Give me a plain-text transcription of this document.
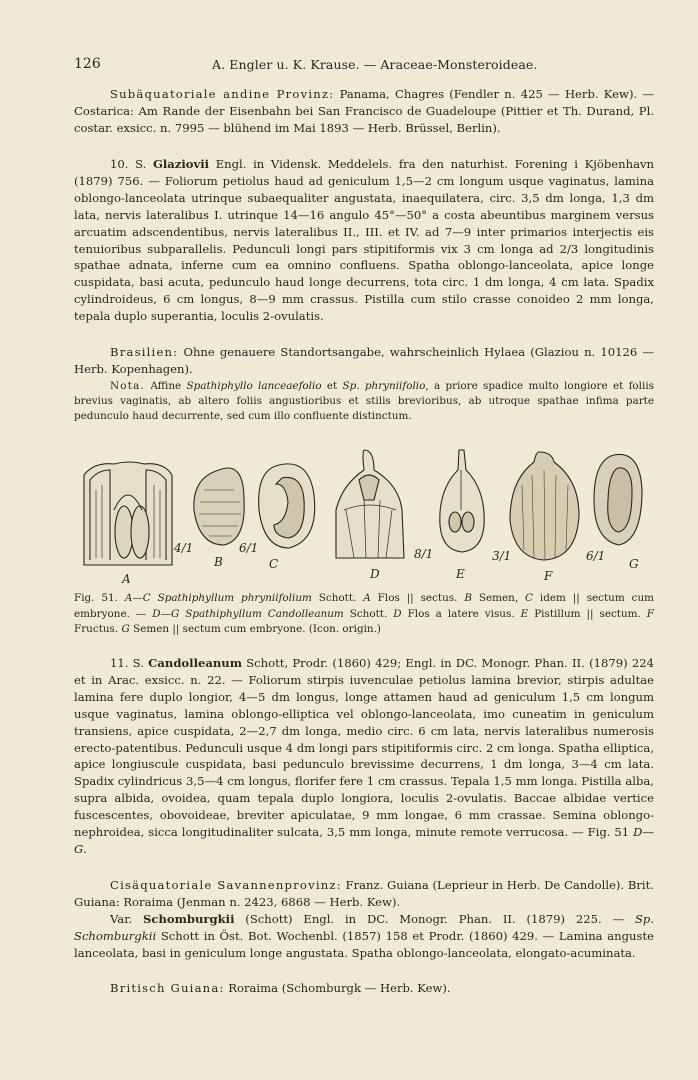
126	A. Engler u. K. Krause. — Araceae-Monsteroideae.

Subäquatoriale andine Provinz: Panama, Chagres (Fendler n. 425 — Herb. Kew). — Costarica: Am Rande der Eisenbahn bei San Francisco de Guadeloupe (Pittier et Th. Durand, Pl. costar. exsicc. n. 7995 — blühend im Mai 1893 — Herb. Brüssel, Berlin).

10. S. Glaziovii Engl. in Vidensk. Meddelels. fra den naturhist. Forening i Kjöbenhavn (1879) 756. — Foliorum petiolus haud ad geniculum 1,5—2 cm longum usque vaginatus, lamina oblongo-lanceolata utrinque subaequaliter angustata, inaequilatera, circ. 3,5 dm longa, 1,3 dm lata, nervis lateralibus I. utrinque 14—16 angulo 45°—50° a costa abeuntibus marginem versus arcuatim adscendentibus, nervis lateralibus II., III. et IV. ad 7—9 inter primarios interjectis eis tenuioribus subparallelis. Pedunculi longi pars stipitiformis vix 3 cm longa ad 2/3 longitudinis spathae adnata, inferne cum ea omnino confluens. Spatha oblongo-lanceolata, apice longe cuspidata, basi acuta, pedunculo haud longe decurrens, tota circ. 1 dm longa, 4 cm lata. Spadix cylindroideus, 6 cm longus, 8—9 mm crassus. Pistilla cum stilo crasse conoideo 2 mm longa, tepala duplo superantia, loculis 2-ovulatis.

Brasilien: Ohne genauere Standortsangabe, wahrscheinlich Hylaea (Glaziou n. 10126 — Herb. Kopenhagen).

Nota. Affine Spathiphyllo lanceaefolio et Sp. phryniifolio, a priore spadice multo longiore et foliis brevius vaginatis, ab altero foliis angustioribus et stilis brevioribus, ab utroque spathae infima parte pedunculo haud decurrente, sed cum illo confluente distinctum.

A
B	C
D	E	F
G
4/1	6/1	8/1	3/1	6/1

Fig. 51. A—C Spathiphyllum phryniifolium Schott. A Flos || sectus. B Semen, C idem || sectum cum embryone. — D—G Spathiphyllum Candolleanum Schott. D Flos a latere visus. E Pistillum || sectum. F Fructus. G Semen || sectum cum embryone. (Icon. origin.)

11. S. Candolleanum Schott, Prodr. (1860) 429; Engl. in DC. Monogr. Phan. II. (1879) 224 et in Arac. exsicc. n. 22. — Foliorum stirpis iuvenculae petiolus lamina brevior, stirpis adultae lamina fere duplo longior, 4—5 dm longus, longe attamen haud ad geniculum 1,5 cm longum usque vaginatus, lamina oblongo-elliptica vel oblongo-lanceolata, imo cuneatim in geniculum transiens, apice cuspidata, 2—2,7 dm longa, medio circ. 6 cm lata, nervis lateralibus numerosis erecto-patentibus. Pedunculi usque 4 dm longi pars stipitiformis circ. 2 cm longa. Spatha elliptica, apice longiuscule cuspidata, basi pedunculo brevissime decurrens, 1 dm longa, 3—4 cm lata. Spadix cylindricus 3,5—4 cm longus, florifer fere 1 cm crassus. Tepala 1,5 mm longa. Pistilla alba, supra albida, ovoidea, quam tepala duplo longiora, loculis 2-ovulatis. Baccae albidae vertice fuscescentes, obovoideae, breviter apiculatae, 9 mm longae, 6 mm crassae. Semina oblongo-nephroidea, sicca longitudinaliter sulcata, 3,5 mm longa, minute remote verrucosa. — Fig. 51 D—G.

Cisäquatoriale Savannenprovinz: Franz. Guiana (Leprieur in Herb. De Candolle). Brit. Guiana: Roraima (Jenman n. 2423, 6868 — Herb. Kew).

Var. Schomburgkii (Schott) Engl. in DC. Monogr. Phan. II. (1879) 225. — Sp. Schomburgkii Schott in Öst. Bot. Wochenbl. (1857) 158 et Prodr. (1860) 429. — Lamina anguste lanceolata, basi in geniculum longe angustata. Spatha oblongo-lanceolata, elongato-acuminata.

Britisch Guiana: Roraima (Schomburgk — Herb. Kew).
